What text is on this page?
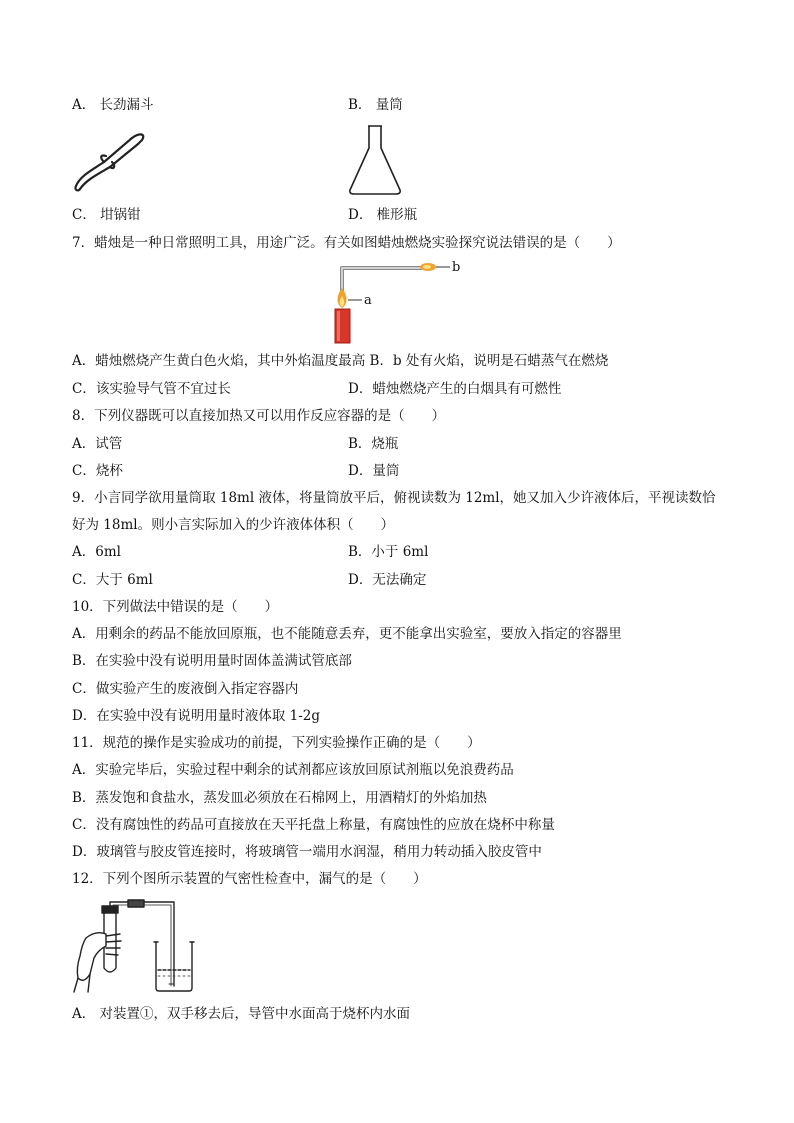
A． 长劲漏斗	B． 量筒
C． 坩锅钳	D． 椎形瓶
7．蜡烛是一种日常照明工具，用途广泛。有关如图蜡烛燃烧实验探究说法错误的是（　　）
b
a
A．蜡烛燃烧产生黄白色火焰，其中外焰温度最高 B．b 处有火焰，说明是石蜡蒸气在燃烧
C．该实验导气管不宜过长	D．蜡烛燃烧产生的白烟具有可燃性
8．下列仪器既可以直接加热又可以用作反应容器的是（　　）
A．试管	B．烧瓶
C．烧杯	D．量筒
9．小言同学欲用量筒取 18ml 液体，将量筒放平后，俯视读数为 12ml，她又加入少许液体后，平视读数恰
好为 18ml。则小言实际加入的少许液体体积（　　）
A．6ml	B．小于 6ml
C．大于 6ml	D．无法确定
10．下列做法中错误的是（　　）
A．用剩余的药品不能放回原瓶，也不能随意丢弃，更不能拿出实验室，要放入指定的容器里
B．在实验中没有说明用量时固体盖满试管底部
C．做实验产生的废液倒入指定容器内
D．在实验中没有说明用量时液体取 1-2g
11．规范的操作是实验成功的前提，下列实验操作正确的是（　　）
A．实验完毕后，实验过程中剩余的试剂都应该放回原试剂瓶以免浪费药品
B．蒸发饱和食盐水，蒸发皿必须放在石棉网上，用酒精灯的外焰加热
C．没有腐蚀性的药品可直接放在天平托盘上称量，有腐蚀性的应放在烧杯中称量
D．玻璃管与胶皮管连接时，将玻璃管一端用水润湿，稍用力转动插入胶皮管中
12．下列个图所示装置的气密性检查中，漏气的是（　　）
A． 对装置①，双手移去后，导管中水面高于烧杯内水面
